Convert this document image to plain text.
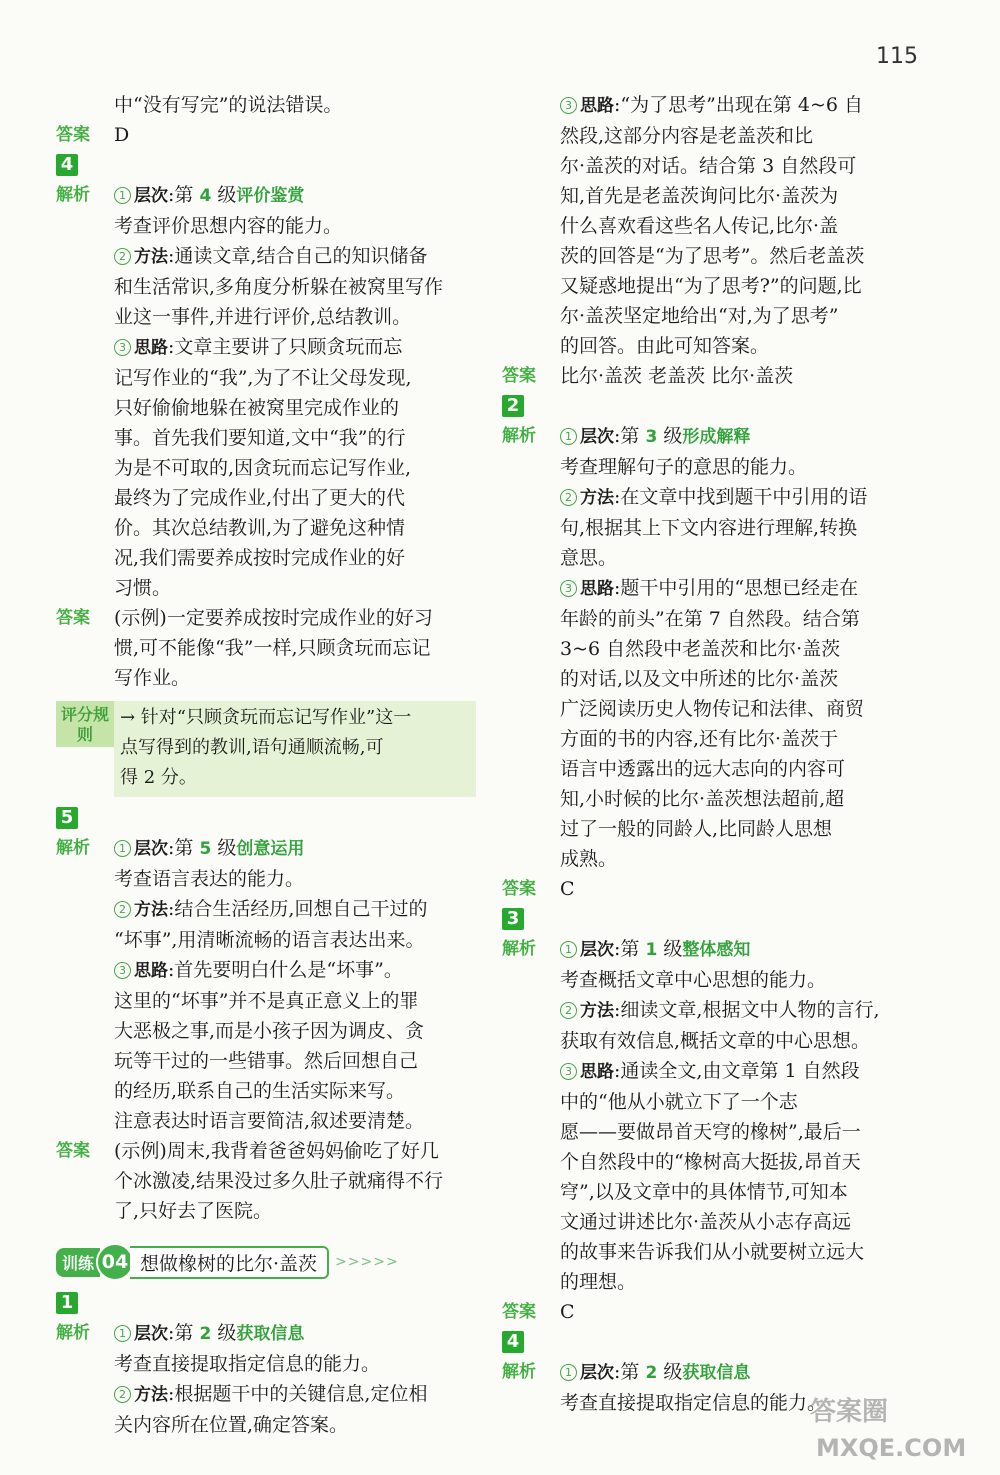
115

中“没有写完”的说法错误。

答案	D
4
解析	1 层次:第 4 级评价鉴赏

考查评价思想内容的能力。

2 方法:通读文章,结合自己的知识储备

和生活常识,多角度分析躲在被窝里写作

业这一事件,并进行评价,总结教训。

3 思路:文章主要讲了只顾贪玩而忘

记写作业的“我”,为了不让父母发现,

只好偷偷地躲在被窝里完成作业的

事。首先我们要知道,文中“我”的行

为是不可取的,因贪玩而忘记写作业,

最终为了完成作业,付出了更大的代

价。其次总结教训,为了避免这种情

况,我们需要养成按时完成作业的好

习惯。

答案	(示例)一定要养成按时完成作业的好习

惯,可不能像“我”一样,只顾贪玩而忘记

写作业。

评分规则

→ 针对“只顾贪玩而忘记写作业”这一

点写得到的教训,语句通顺流畅,可

得 2 分。

5
解析	1 层次:第 5 级创意运用

考查语言表达的能力。

2 方法:结合生活经历,回想自己干过的

“坏事”,用清晰流畅的语言表达出来。

3 思路:首先要明白什么是“坏事”。

这里的“坏事”并不是真正意义上的罪

大恶极之事,而是小孩子因为调皮、贪

玩等干过的一些错事。然后回想自己

的经历,联系自己的生活实际来写。

注意表达时语言要简洁,叙述要清楚。

答案	(示例)周末,我背着爸爸妈妈偷吃了好几

个冰激凌,结果没过多久肚子就痛得不行

了,只好去了医院。

训练 04 想做橡树的比尔·盖茨	>>>>>
1
解析	1 层次:第 2 级获取信息

考查直接提取指定信息的能力。

2 方法:根据题干中的关键信息,定位相

关内容所在位置,确定答案。

3 思路:“为了思考”出现在第 4~6 自

然段,这部分内容是老盖茨和比

尔·盖茨的对话。结合第 3 自然段可

知,首先是老盖茨询问比尔·盖茨为

什么喜欢看这些名人传记,比尔·盖

茨的回答是“为了思考”。然后老盖茨

又疑惑地提出“为了思考?”的问题,比

尔·盖茨坚定地给出“对,为了思考”

的回答。由此可知答案。

答案	比尔·盖茨 老盖茨 比尔·盖茨

2
解析	1 层次:第 3 级形成解释

考查理解句子的意思的能力。

2 方法:在文章中找到题干中引用的语

句,根据其上下文内容进行理解,转换

意思。

3 思路:题干中引用的“思想已经走在

年龄的前头”在第 7 自然段。结合第

3~6 自然段中老盖茨和比尔·盖茨

的对话,以及文中所述的比尔·盖茨

广泛阅读历史人物传记和法律、商贸

方面的书的内容,还有比尔·盖茨于

语言中透露出的远大志向的内容可

知,小时候的比尔·盖茨想法超前,超

过了一般的同龄人,比同龄人思想

成熟。

答案	C

3
解析	1 层次:第 1 级整体感知

考查概括文章中心思想的能力。

2 方法:细读文章,根据文中人物的言行,

获取有效信息,概括文章的中心思想。

3 思路:通读全文,由文章第 1 自然段

中的“他从小就立下了一个志

愿——要做昂首天穹的橡树”,最后一

个自然段中的“橡树高大挺拔,昂首天

穹”,以及文章中的具体情节,可知本

文通过讲述比尔·盖茨从小志存高远

的故事来告诉我们从小就要树立远大

的理想。

答案	C

4
解析	1 层次:第 2 级获取信息

考查直接提取指定信息的能力。

答案圈
MXQE.COM
